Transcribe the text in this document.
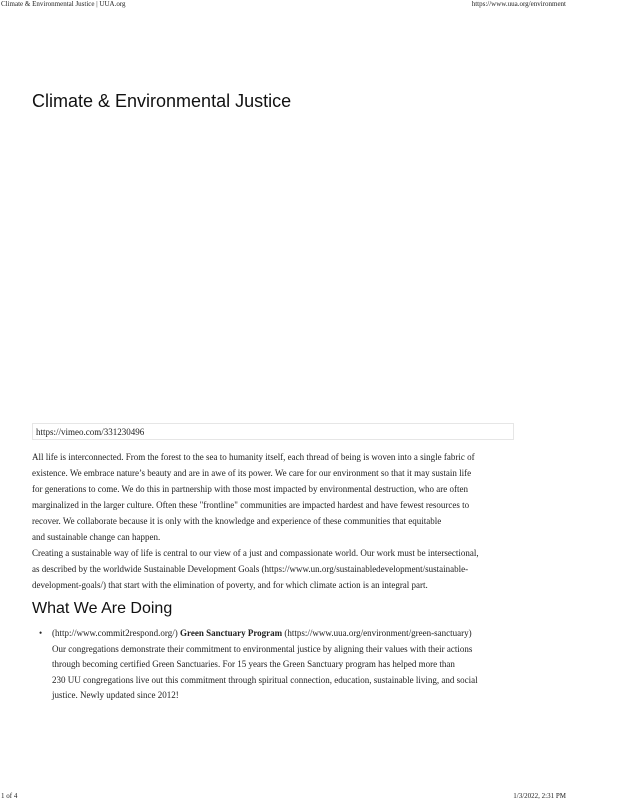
Climate & Environmental Justice | UUA.org	https://www.uua.org/environment
Climate & Environmental Justice
https://vimeo.com/331230496

All life is interconnected. From the forest to the sea to humanity itself, each thread of being is woven into a single fabric of
existence. We embrace nature’s beauty and are in awe of its power. We care for our environment so that it may sustain life
for generations to come. We do this in partnership with those most impacted by environmental destruction, who are often
marginalized in the larger culture. Often these "frontline" communities are impacted hardest and have fewest resources to
recover. We collaborate because it is only with the knowledge and experience of these communities that equitable
and sustainable change can happen.

Creating a sustainable way of life is central to our view of a just and compassionate world. Our work must be intersectional,
as described by the worldwide Sustainable Development Goals (https://www.un.org/sustainabledevelopment/sustainable-
development-goals/) that start with the elimination of poverty, and for which climate action is an integral part.

What We Are Doing
• (http://www.commit2respond.org/) Green Sanctuary Program (https://www.uua.org/environment/green-sanctuary)
Our congregations demonstrate their commitment to environmental justice by aligning their values with their actions
through becoming certified Green Sanctuaries. For 15 years the Green Sanctuary program has helped more than
230 UU congregations live out this commitment through spiritual connection, education, sustainable living, and social
justice. Newly updated since 2012!
1 of 4	1/3/2022, 2:31 PM
